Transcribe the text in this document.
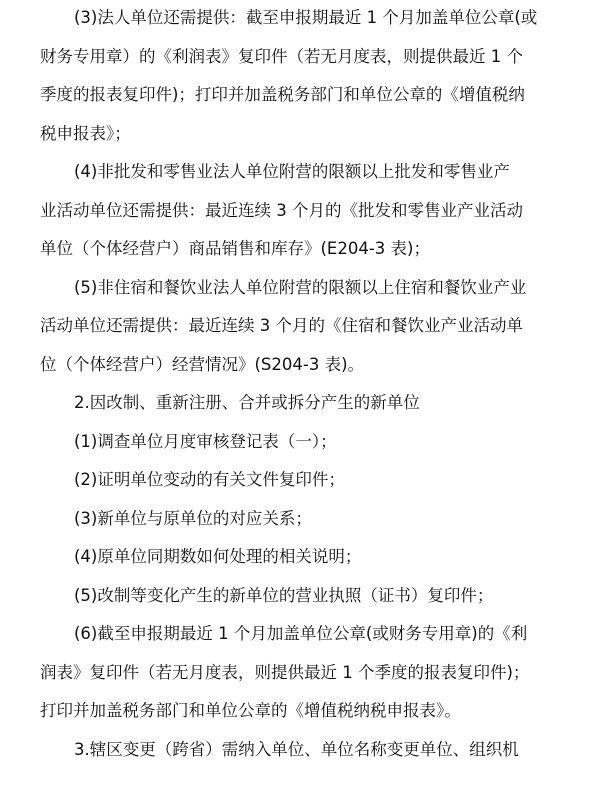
(3)法人单位还需提供：截至申报期最近 1 个月加盖单位公章(或
财务专用章）的《利润表》复印件（若无月度表，则提供最近 1 个
季度的报表复印件)；打印并加盖税务部门和单位公章的《增值税纳
税申报表》；
(4)非批发和零售业法人单位附营的限额以上批发和零售业产
业活动单位还需提供：最近连续 3 个月的《批发和零售业产业活动
单位（个体经营户）商品销售和库存》(E204-3 表)；
(5)非住宿和餐饮业法人单位附营的限额以上住宿和餐饮业产业
活动单位还需提供：最近连续 3 个月的《住宿和餐饮业产业活动单
位（个体经营户）经营情况》(S204-3 表)。
2.因改制、重新注册、合并或拆分产生的新单位
(1)调查单位月度审核登记表（一）；
(2)证明单位变动的有关文件复印件；
(3)新单位与原单位的对应关系；
(4)原单位同期数如何处理的相关说明；
(5)改制等变化产生的新单位的营业执照（证书）复印件；
(6)截至申报期最近 1 个月加盖单位公章(或财务专用章)的《利
润表》复印件（若无月度表，则提供最近 1 个季度的报表复印件)；
打印并加盖税务部门和单位公章的《增值税纳税申报表》。
3.辖区变更（跨省）需纳入单位、单位名称变更单位、组织机
